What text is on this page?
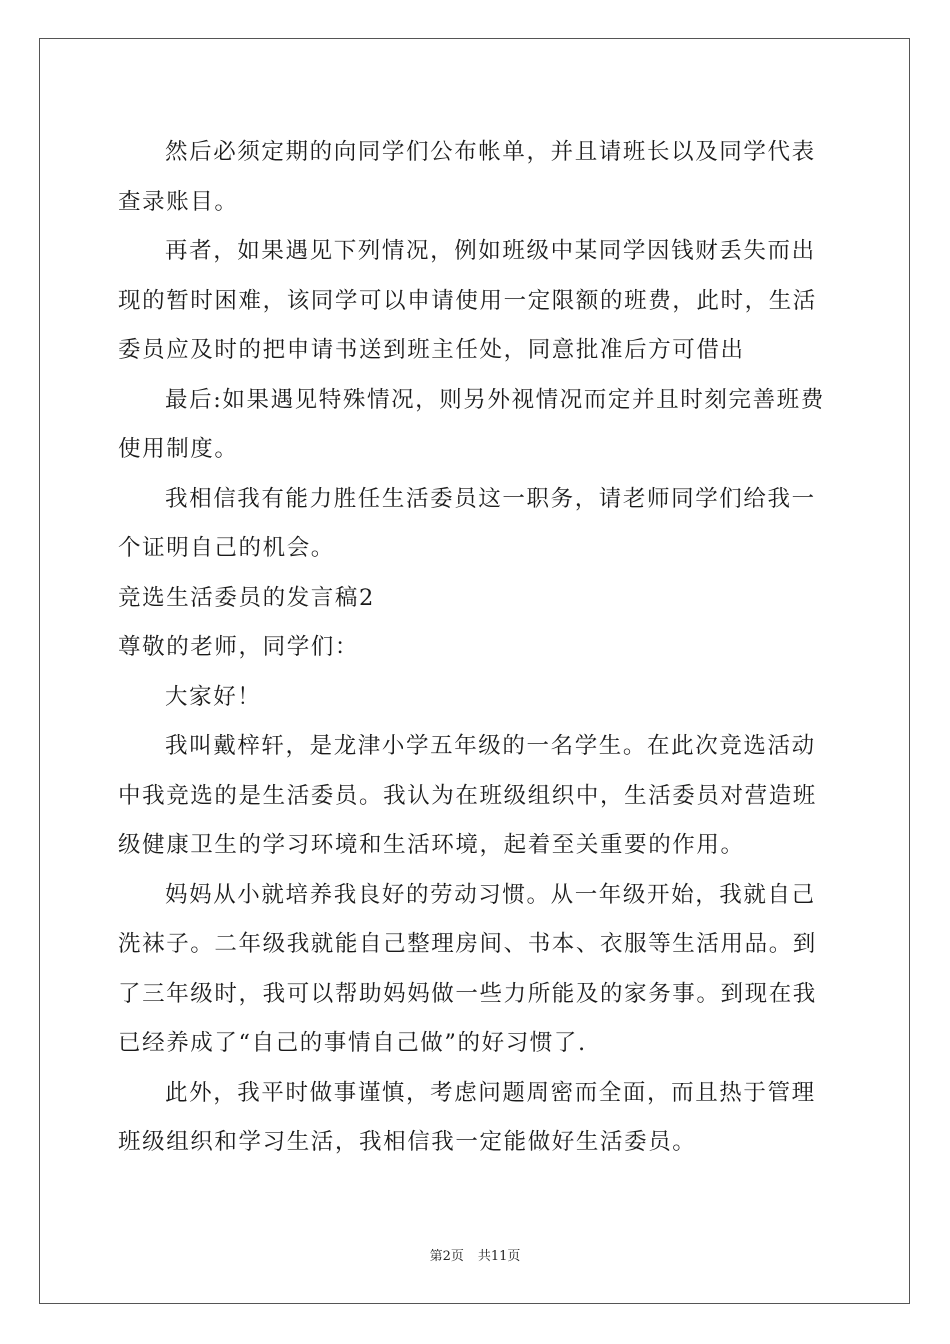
然后必须定期的向同学们公布帐单，并且请班长以及同学代表查录账目。

再者，如果遇见下列情况，例如班级中某同学因钱财丢失而出现的暂时困难，该同学可以申请使用一定限额的班费，此时，生活委员应及时的把申请书送到班主任处，同意批准后方可借出

最后:如果遇见特殊情况，则另外视情况而定并且时刻完善班费使用制度。

我相信我有能力胜任生活委员这一职务，请老师同学们给我一个证明自己的机会。

竞选生活委员的发言稿2

尊敬的老师，同学们：

大家好！

我叫戴梓轩，是龙津小学五年级的一名学生。在此次竞选活动中我竞选的是生活委员。我认为在班级组织中，生活委员对营造班级健康卫生的学习环境和生活环境，起着至关重要的作用。

妈妈从小就培养我良好的劳动习惯。从一年级开始，我就自己洗袜子。二年级我就能自己整理房间、书本、衣服等生活用品。到了三年级时，我可以帮助妈妈做一些力所能及的家务事。到现在我已经养成了“自己的事情自己做”的好习惯了.

此外，我平时做事谨慎，考虑问题周密而全面，而且热于管理班级组织和学习生活，我相信我一定能做好生活委员。

第2页 共11页
